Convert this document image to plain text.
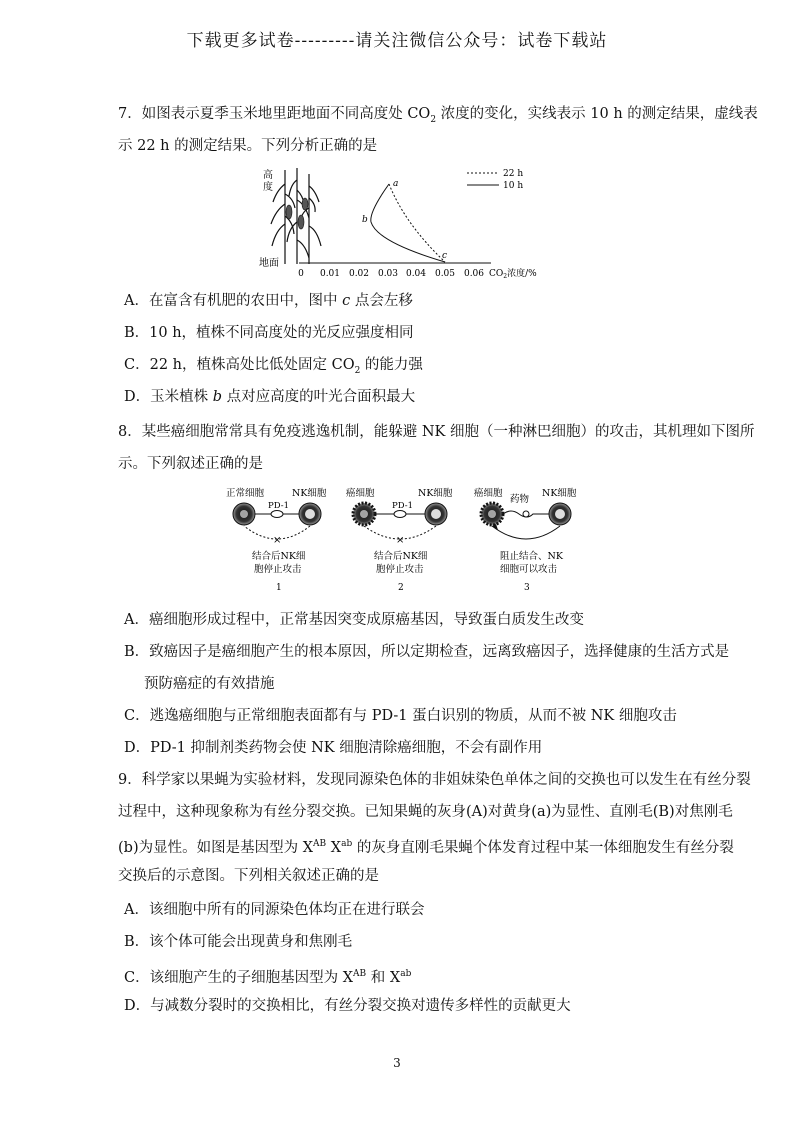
下载更多试卷---------请关注微信公众号：试卷下载站
7．如图表示夏季玉米地里距地面不同高度处 $CO_2$ 浓度的变化，实线表示 10 h 的测定结果，虚线表
示 22 h 的测定结果。下列分析正确的是
高
度
地面
0 0.01 0.02 0.03 0.04 0.05 0.06 $CO_2$浓度/%
a
b
c
22 h
10 h
A．在富含有机肥的农田中，图中 c 点会左移
B．10 h，植株不同高度处的光反应强度相同
C．22 h，植株高处比低处固定 $CO_2$ 的能力强
D．玉米植株 b 点对应高度的叶光合面积最大
8．某些癌细胞常常具有免疫逃逸机制，能躲避 NK 细胞（一种淋巴细胞）的攻击，其机理如下图所
示。下列叙述正确的是
正常细胞	NK细胞
PD-1
×
结合后NK细
胞停止攻击
1
癌细胞	NK细胞
PD-1
×
结合后NK细
胞停止攻击
2
癌细胞
药物
NK细胞
阻止结合、NK
细胞可以攻击
3
A．癌细胞形成过程中，正常基因突变成原癌基因，导致蛋白质发生改变
B．致癌因子是癌细胞产生的根本原因，所以定期检查，远离致癌因子，选择健康的生活方式是
预防癌症的有效措施
C．逃逸癌细胞与正常细胞表面都有与 PD-1 蛋白识别的物质，从而不被 NK 细胞攻击
D．PD-1 抑制剂类药物会使 NK 细胞清除癌细胞，不会有副作用
9．科学家以果蝇为实验材料，发现同源染色体的非姐妹染色单体之间的交换也可以发生在有丝分裂
过程中，这种现象称为有丝分裂交换。已知果蝇的灰身(A)对黄身(a)为显性、直刚毛(B)对焦刚毛
(b)为显性。如图是基因型为 $X^{AB}$ $X^{ab}$ 的灰身直刚毛果蝇个体发育过程中某一体细胞发生有丝分裂
交换后的示意图。下列相关叙述正确的是
A．该细胞中所有的同源染色体均正在进行联会
B．该个体可能会出现黄身和焦刚毛
C．该细胞产生的子细胞基因型为 $X^{AB}$ 和 $X^{ab}$
D．与减数分裂时的交换相比，有丝分裂交换对遗传多样性的贡献更大
3
